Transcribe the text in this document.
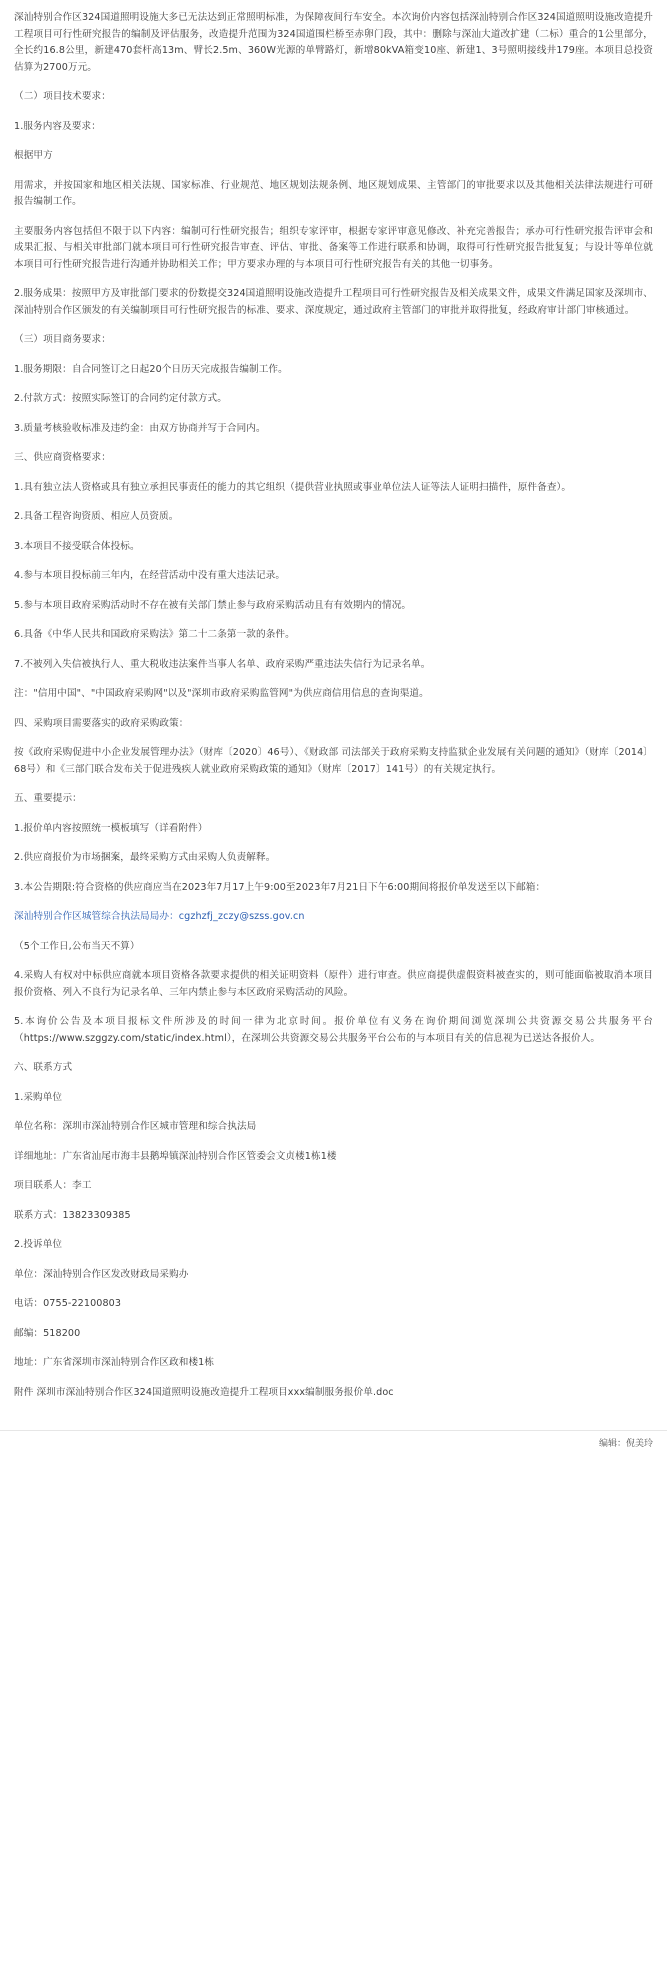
深汕特别合作区324国道照明设施大多已无法达到正常照明标准，为保障夜间行车安全。本次询价内容包括深汕特别合作区324国道照明设施改造提升工程项目可行性研究报告的编制及评估服务，改造提升范围为324国道围栏桥至赤卵门段，其中：删除与深汕大道改扩建（二标）重合的1公里部分，全长约16.8公里，新建470套杆高13m、臂长2.5m、360W光源的单臂路灯，新增80kVA箱变10座、新建1、3号照明接线井179座。本项目总投资估算为2700万元。

（二）项目技术要求：

1.服务内容及要求：

根据甲方

用需求，并按国家和地区相关法规、国家标准、行业规范、地区规划法规条例、地区规划成果、主管部门的审批要求以及其他相关法律法规进行可研报告编制工作。

主要服务内容包括但不限于以下内容：编制可行性研究报告；组织专家评审，根据专家评审意见修改、补充完善报告；承办可行性研究报告评审会和成果汇报、与相关审批部门就本项目可行性研究报告审查、评估、审批、备案等工作进行联系和协调，取得可行性研究报告批复复；与设计等单位就本项目可行性研究报告进行沟通并协助相关工作；甲方要求办理的与本项目可行性研究报告有关的其他一切事务。

2.服务成果：按照甲方及审批部门要求的份数提交324国道照明设施改造提升工程项目可行性研究报告及相关成果文件，成果文件满足国家及深圳市、深汕特别合作区颁发的有关编制项目可行性研究报告的标准、要求、深度规定，通过政府主管部门的审批并取得批复，经政府审计部门审核通过。

（三）项目商务要求：

1.服务期限：自合同签订之日起20个日历天完成报告编制工作。

2.付款方式：按照实际签订的合同约定付款方式。

3.质量考核验收标准及违约金：由双方协商并写于合同内。

三、供应商资格要求：

1.具有独立法人资格或具有独立承担民事责任的能力的其它组织（提供营业执照或事业单位法人证等法人证明扫描件，原件备查）。

2.具备工程咨询资质、相应人员资质。

3.本项目不接受联合体投标。

4.参与本项目投标前三年内，在经营活动中没有重大违法记录。

5.参与本项目政府采购活动时不存在被有关部门禁止参与政府采购活动且有有效期内的情况。

6.具备《中华人民共和国政府采购法》第二十二条第一款的条件。

7.不被列入失信被执行人、重大税收违法案件当事人名单、政府采购严重违法失信行为记录名单。

注："信用中国"、"中国政府采购网"以及"深圳市政府采购监管网"为供应商信用信息的查询渠道。

四、采购项目需要落实的政府采购政策：

按《政府采购促进中小企业发展管理办法》（财库〔2020〕46号）、《财政部 司法部关于政府采购支持监狱企业发展有关问题的通知》（财库〔2014〕68号）和《三部门联合发布关于促进残疾人就业政府采购政策的通知》（财库〔2017〕141号）的有关规定执行。

五、重要提示：

1.报价单内容按照统一模板填写（详看附件）

2.供应商报价为市场捆案，最终采购方式由采购人负责解释。

3.本公告期限:符合资格的供应商应当在2023年7月17上午9:00至2023年7月21日下午6:00期间将报价单发送至以下邮箱：

深汕特别合作区城管综合执法局局办：cgzhzfj_zczy@szss.gov.cn

（5个工作日,公布当天不算）

4.采购人有权对中标供应商就本项目资格各款要求提供的相关证明资料（原件）进行审查。供应商提供虚假资料被查实的，则可能面临被取消本项目报价资格、列入不良行为记录名单、三年内禁止参与本区政府采购活动的风险。

5.本询价公告及本项目报标文件所涉及的时间一律为北京时间。报价单位有义务在询价期间浏览深圳公共资源交易公共服务平台（https://www.szggzy.com/static/index.html），在深圳公共资源交易公共服务平台公布的与本项目有关的信息视为已送达各报价人。

六、联系方式

1.采购单位

单位名称：深圳市深汕特别合作区城市管理和综合执法局

详细地址：广东省汕尾市海丰县鹅埠镇深汕特别合作区管委会文贞楼1栋1楼

项目联系人：李工

联系方式：13823309385

2.投诉单位

单位：深汕特别合作区发改财政局采购办

电话：0755-22100803

邮编：518200

地址：广东省深圳市深汕特别合作区政和楼1栋

附件 深圳市深汕特别合作区324国道照明设施改造提升工程项目xxx编制服务报价单.doc

编辑：倪美玲
